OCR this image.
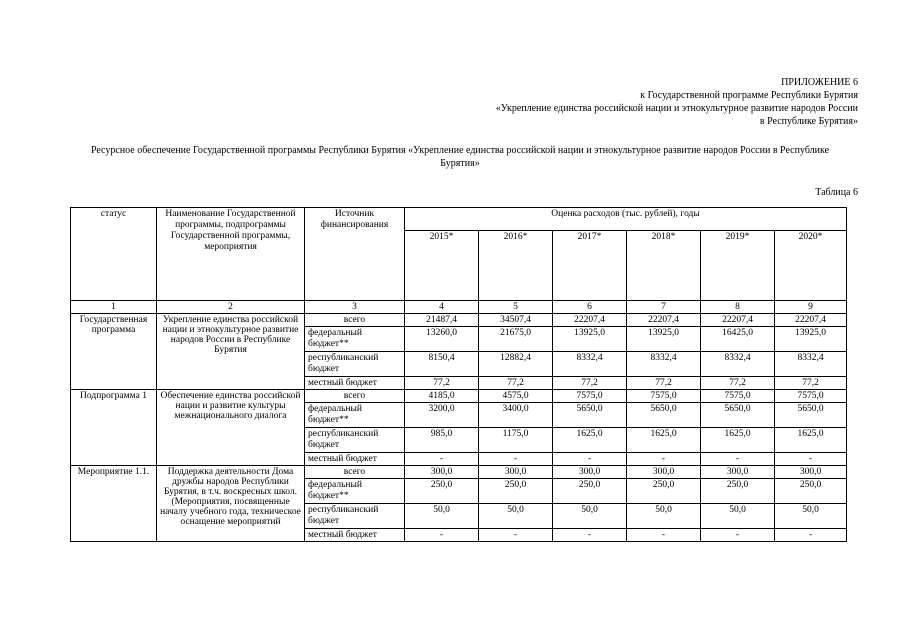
ПРИЛОЖЕНИЕ 6
к Государственной программе Республики Бурятия
«Укрепление единства российской нации и этнокультурное развитие народов России
в Республике Бурятия»
Ресурсное обеспечение Государственной программы Республики Бурятия «Укрепление единства российской нации и этнокультурное развитие народов России в Республике Бурятия»
Таблица 6
статус	Наименование Государственной программы, подпрограммы Государственной программы, мероприятия	Источник финансирования	Оценка расходов (тыс. рублей), годы					
			2015*	2016*	2017*	2018*	2019*	2020*
1	2	3	4	5	6	7	8	9
Государственная программа	Укрепление единства российской нации и этнокультурное развитие народов России в Республике Бурятия	всего	21487,4	34507,4	22207,4	22207,4	22207,4	22207,4
		федеральный бюджет**	13260,0	21675,0	13925,0	13925,0	16425,0	13925,0
		республиканский бюджет	8150,4	12882,4	8332,4	8332,4	8332,4	8332,4
		местный бюджет	77,2	77,2	77,2	77,2	77,2	77,2
Подпрограмма 1	Обеспечение единства российской нации и развитие культуры межнационального диалога	всего	4185,0	4575,0	7575,0	7575,0	7575,0	7575,0
		федеральный бюджет**	3200,0	3400,0	5650,0	5650,0	5650,0	5650,0
		республиканский бюджет	985,0	1175,0	1625,0	1625,0	1625,0	1625,0
		местный бюджет	-	-	-	-	-	-
Мероприятие 1.1.	Поддержка деятельности Дома дружбы народов Республики Бурятия, в т.ч. воскресных школ. (Мероприятия, посвященные началу учебного года, техническое оснащение мероприятий	всего	300,0	300,0	300,0	300,0	300,0	300,0
		федеральный бюджет**	250,0	250,0	250,0	250,0	250,0	250,0
		республиканский бюджет	50,0	50,0	50,0	50,0	50,0	50,0
		местный бюджет	-	-	-	-	-	-
